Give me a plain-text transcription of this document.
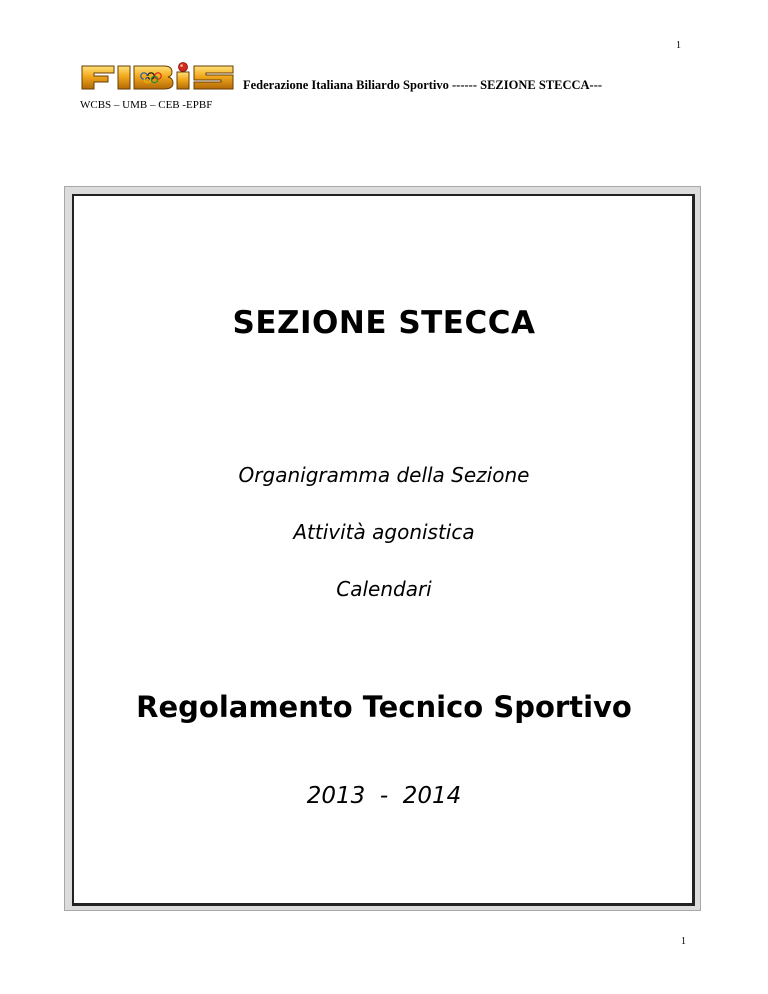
1
Federazione Italiana Biliardo Sportivo ------ SEZIONE STECCA---
WCBS – UMB – CEB -EPBF
SEZIONE STECCA
Organigramma della Sezione
Attività agonistica
Calendari
Regolamento Tecnico Sportivo
2013  -  2014
1
